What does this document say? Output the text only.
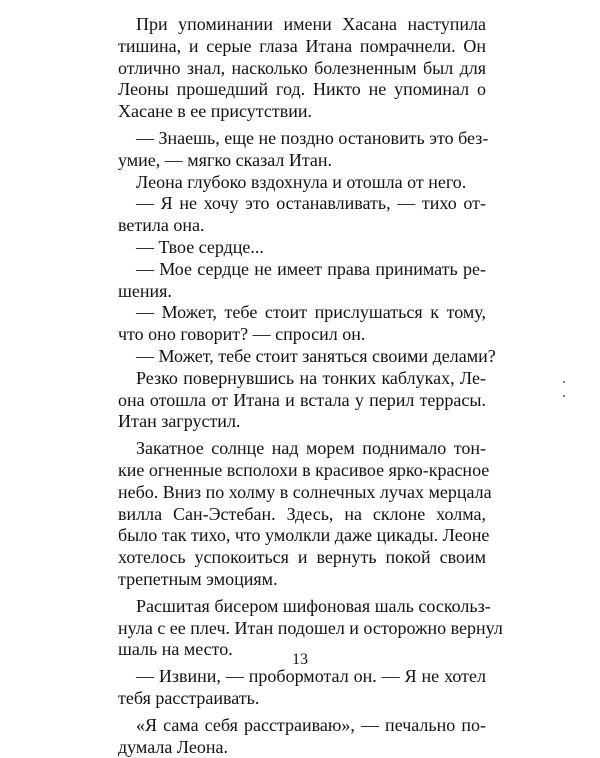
При упоминании имени Хасана наступила
тишина, и серые глаза Итана помрачнели. Он
отлично знал, насколько болезненным был для
Леоны прошедший год. Никто не упоминал о
Хасане в ее присутствии.
— Знаешь, еще не поздно остановить это без-
умие, — мягко сказал Итан.
Леона глубоко вздохнула и отошла от него.
— Я не хочу это останавливать, — тихо от-
ветила она.
— Твое сердце...
— Мое сердце не имеет права принимать ре-
шения.
— Может, тебе стоит прислушаться к тому,
что оно говорит? — спросил он.
— Может, тебе стоит заняться своими делами?
Резко повернувшись на тонких каблуках, Ле-
она отошла от Итана и встала у перил террасы.
Итан загрустил.
Закатное солнце над морем поднимало тон-
кие огненные всполохи в красивое ярко-красное
небо. Вниз по холму в солнечных лучах мерцала
вилла Сан-Эстебан. Здесь, на склоне холма,
было так тихо, что умолкли даже цикады. Леоне
хотелось успокоиться и вернуть покой своим
трепетным эмоциям.
Расшитая бисером шифоновая шаль соскольз-
нула с ее плеч. Итан подошел и осторожно вернул
шаль на место.
— Извини, — пробормотал он. — Я не хотел
тебя расстраивать.
«Я сама себя расстраиваю», — печально по-
думала Леона.
13
